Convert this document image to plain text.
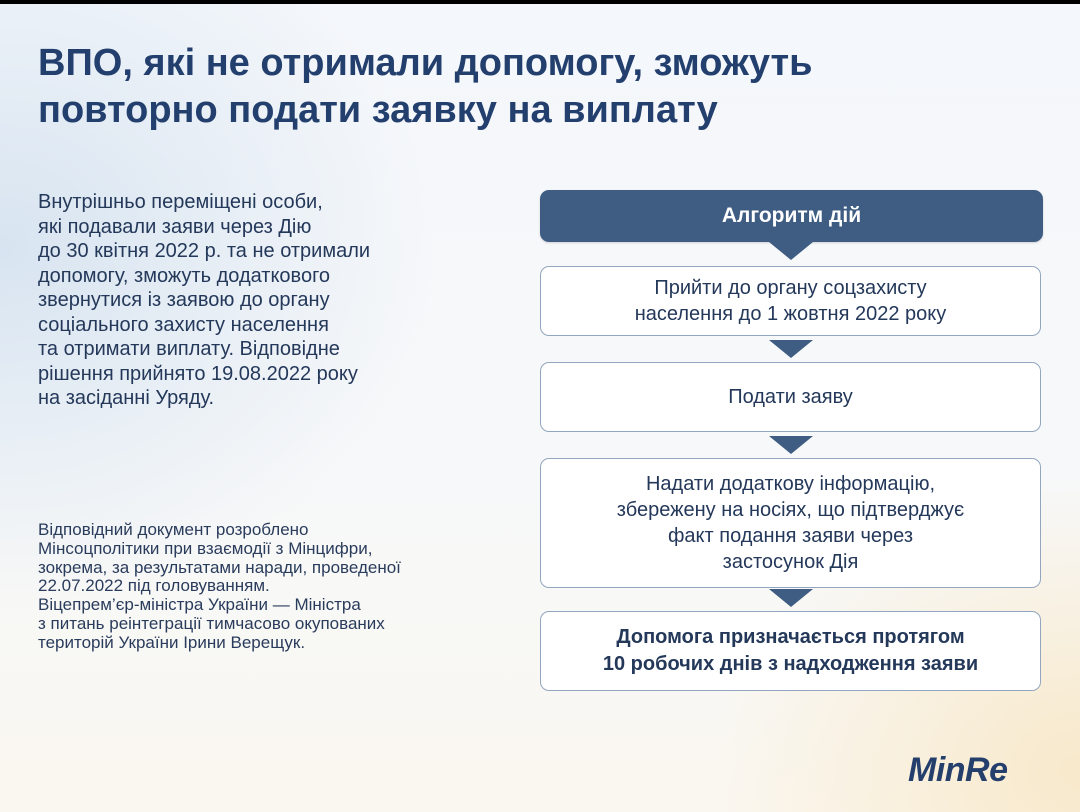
ВПО, які не отримали допомогу, зможуть
повторно подати заявку на виплату
Внутрішньо переміщені особи,
які подавали заяви через Дію
до 30 квітня 2022 р. та не отримали
допомогу, зможуть додаткового
звернутися із заявою до органу
соціального захисту населення
та отримати виплату. Відповідне
рішення прийнято 19.08.2022 року
на засіданні Уряду.
Відповідний документ розроблено
Мінсоцполітики при взаємодії з Мінцифри,
зокрема, за результатами наради, проведеної
22.07.2022 під головуванням.
Віцепрем’єр-міністра України — Міністра
з питань реінтеграції тимчасово окупованих
територій України Ірини Верещук.
Алгоритм дій
Прийти до органу соцзахисту
населення до 1 жовтня 2022 року
Подати заяву
Надати додаткову інформацію,
збережену на носіях, що підтверджує
факт подання заяви через
застосунок Дія
Допомога призначається протягом
10 робочих днів з надходження заяви
MinRe
